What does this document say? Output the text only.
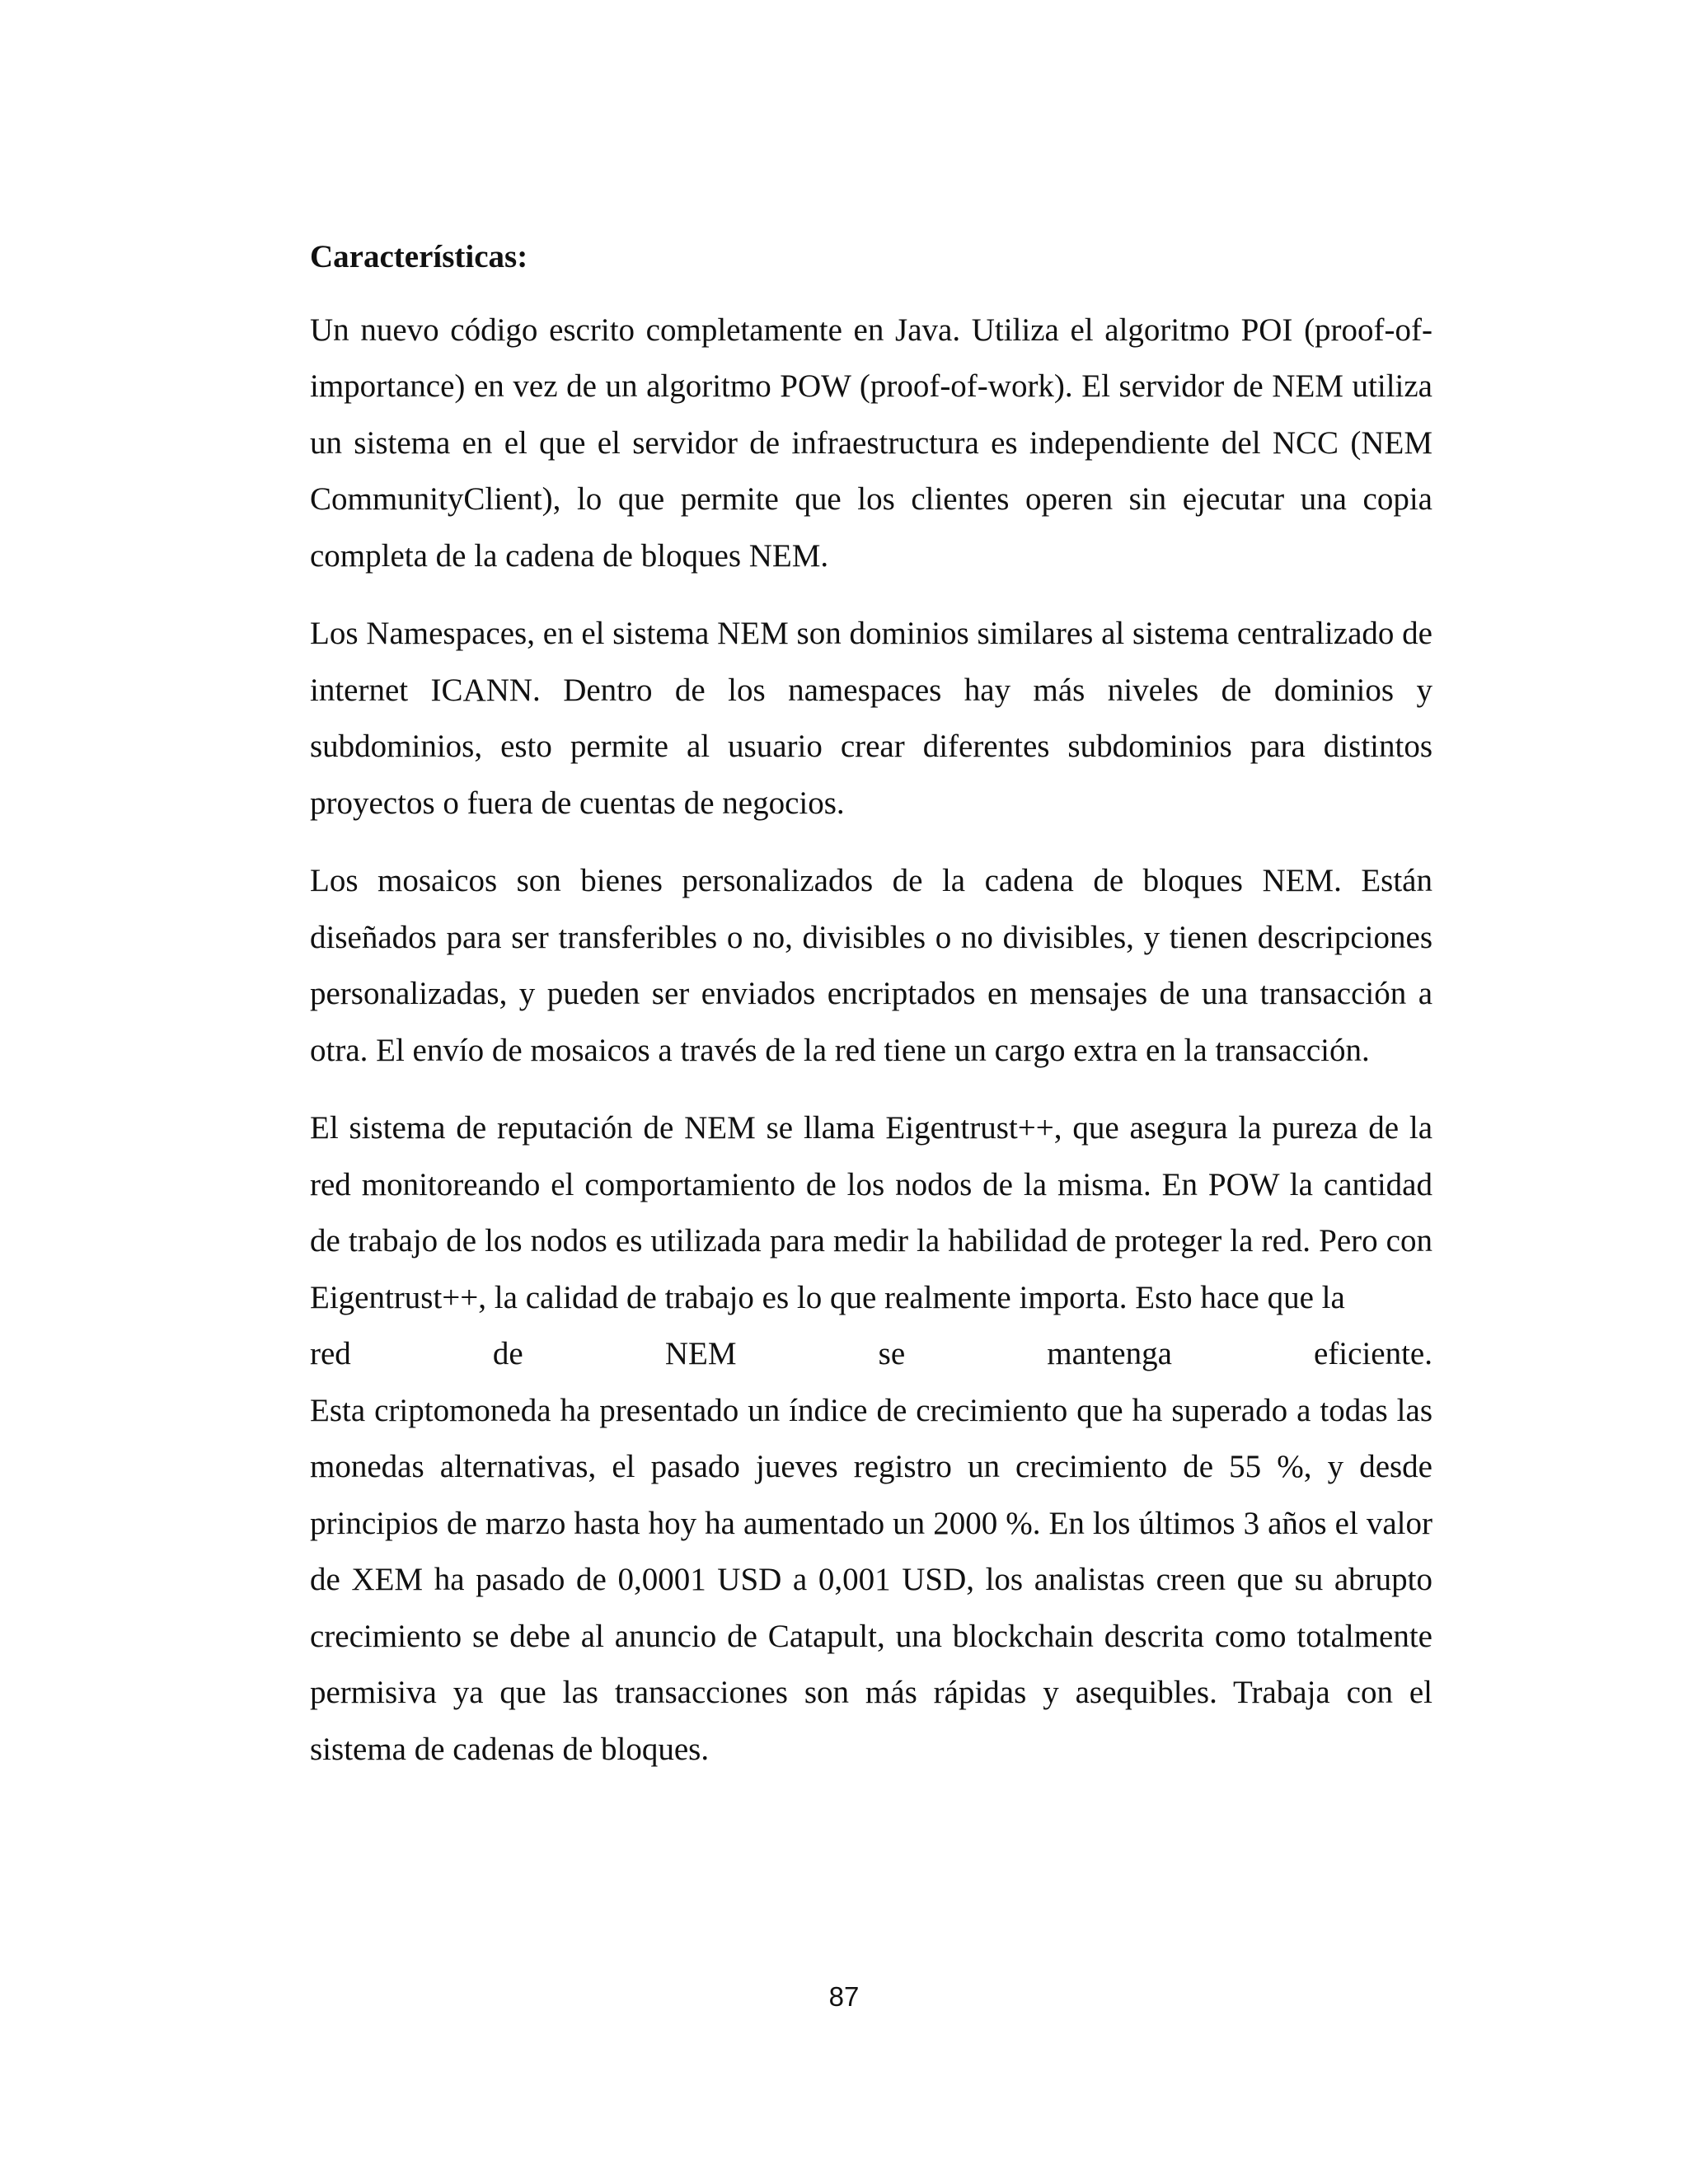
Características:
Un nuevo código escrito completamente en Java. Utiliza el algoritmo POI (proof-of-importance) en vez de un algoritmo POW (proof-of-work). El servidor de NEM utiliza un sistema en el que el servidor de infraestructura es independiente del NCC (NEM CommunityClient), lo que permite que los clientes operen sin ejecutar una copia completa de la cadena de bloques NEM.
Los Namespaces, en el sistema NEM son dominios similares al sistema centralizado de internet ICANN. Dentro de los namespaces hay más niveles de dominios y subdominios, esto permite al usuario crear diferentes subdominios para distintos proyectos o fuera de cuentas de negocios.
Los mosaicos son bienes personalizados de la cadena de bloques NEM. Están diseñados para ser transferibles o no, divisibles o no divisibles, y tienen descripciones personalizadas, y pueden ser enviados encriptados en mensajes de una transacción a otra. El envío de mosaicos a través de la red tiene un cargo extra en la transacción.
El sistema de reputación de NEM se llama Eigentrust++, que asegura la pureza de la red monitoreando el comportamiento de los nodos de la misma. En POW la cantidad de trabajo de los nodos es utilizada para medir la habilidad de proteger la red. Pero con Eigentrust++, la calidad de trabajo es lo que realmente importa. Esto hace que la
red de NEM se mantenga eficiente.
Esta criptomoneda ha presentado un índice de crecimiento que ha superado a todas las monedas alternativas, el pasado jueves registro un crecimiento de 55 %, y desde principios de marzo hasta hoy ha aumentado un 2000 %. En los últimos 3 años el valor de XEM ha pasado de 0,0001 USD a 0,001 USD, los analistas creen que su abrupto crecimiento se debe al anuncio de Catapult, una blockchain descrita como totalmente permisiva ya que las transacciones son más rápidas y asequibles. Trabaja con el sistema de cadenas de bloques.
87
